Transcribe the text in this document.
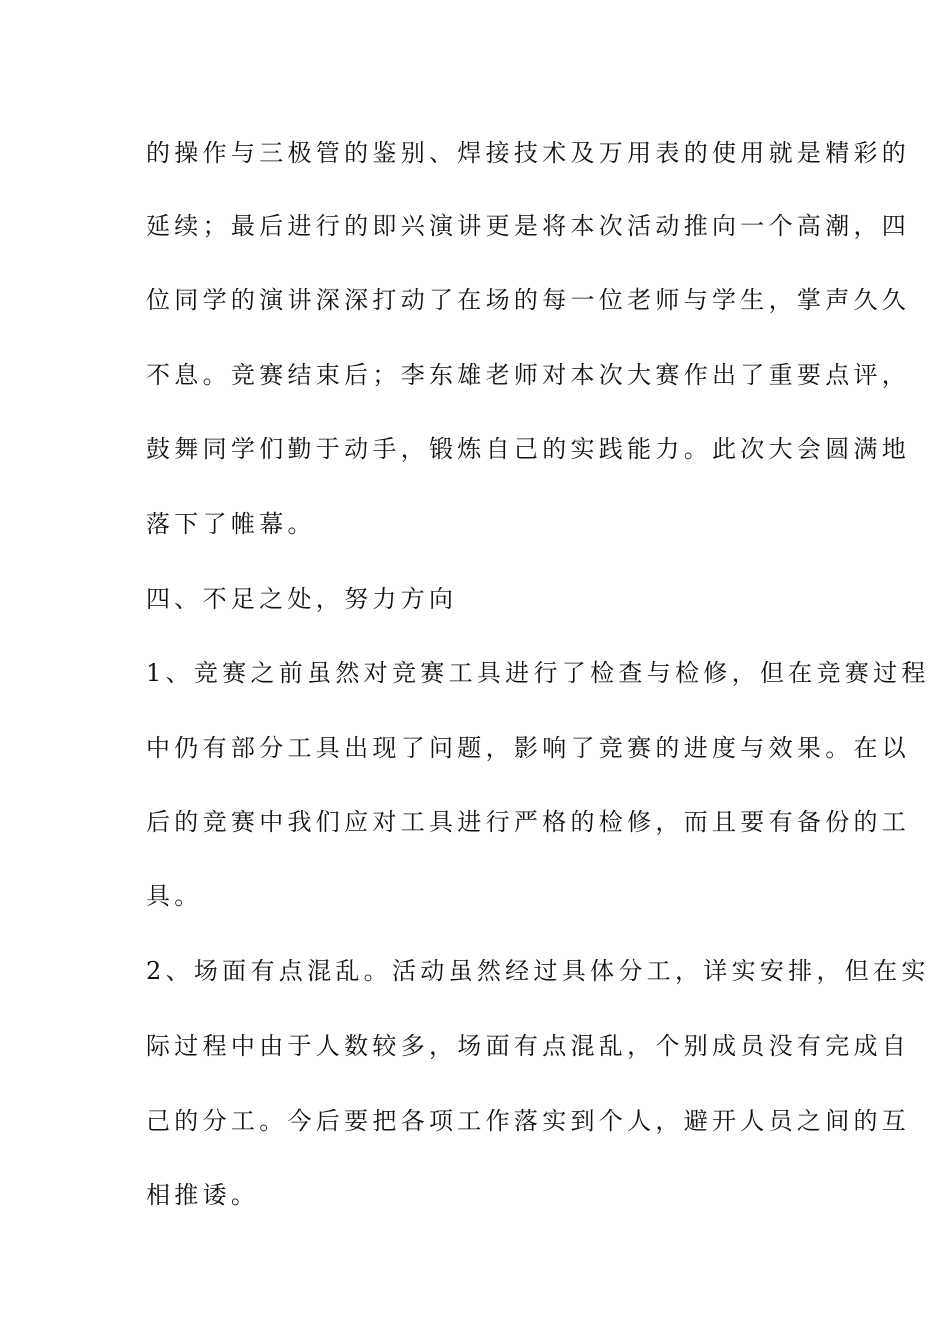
的操作与三极管的鉴别、焊接技术及万用表的使用就是精彩的
延续；最后进行的即兴演讲更是将本次活动推向一个高潮，四
位同学的演讲深深打动了在场的每一位老师与学生，掌声久久
不息。竞赛结束后；李东雄老师对本次大赛作出了重要点评，
鼓舞同学们勤于动手，锻炼自己的实践能力。此次大会圆满地
落下了帷幕。
四、不足之处，努力方向
1、竞赛之前虽然对竞赛工具进行了检查与检修，但在竞赛过程
中仍有部分工具出现了问题，影响了竞赛的进度与效果。在以
后的竞赛中我们应对工具进行严格的检修，而且要有备份的工
具。
2、场面有点混乱。活动虽然经过具体分工，详实安排，但在实
际过程中由于人数较多，场面有点混乱，个别成员没有完成自
己的分工。今后要把各项工作落实到个人，避开人员之间的互
相推诿。
